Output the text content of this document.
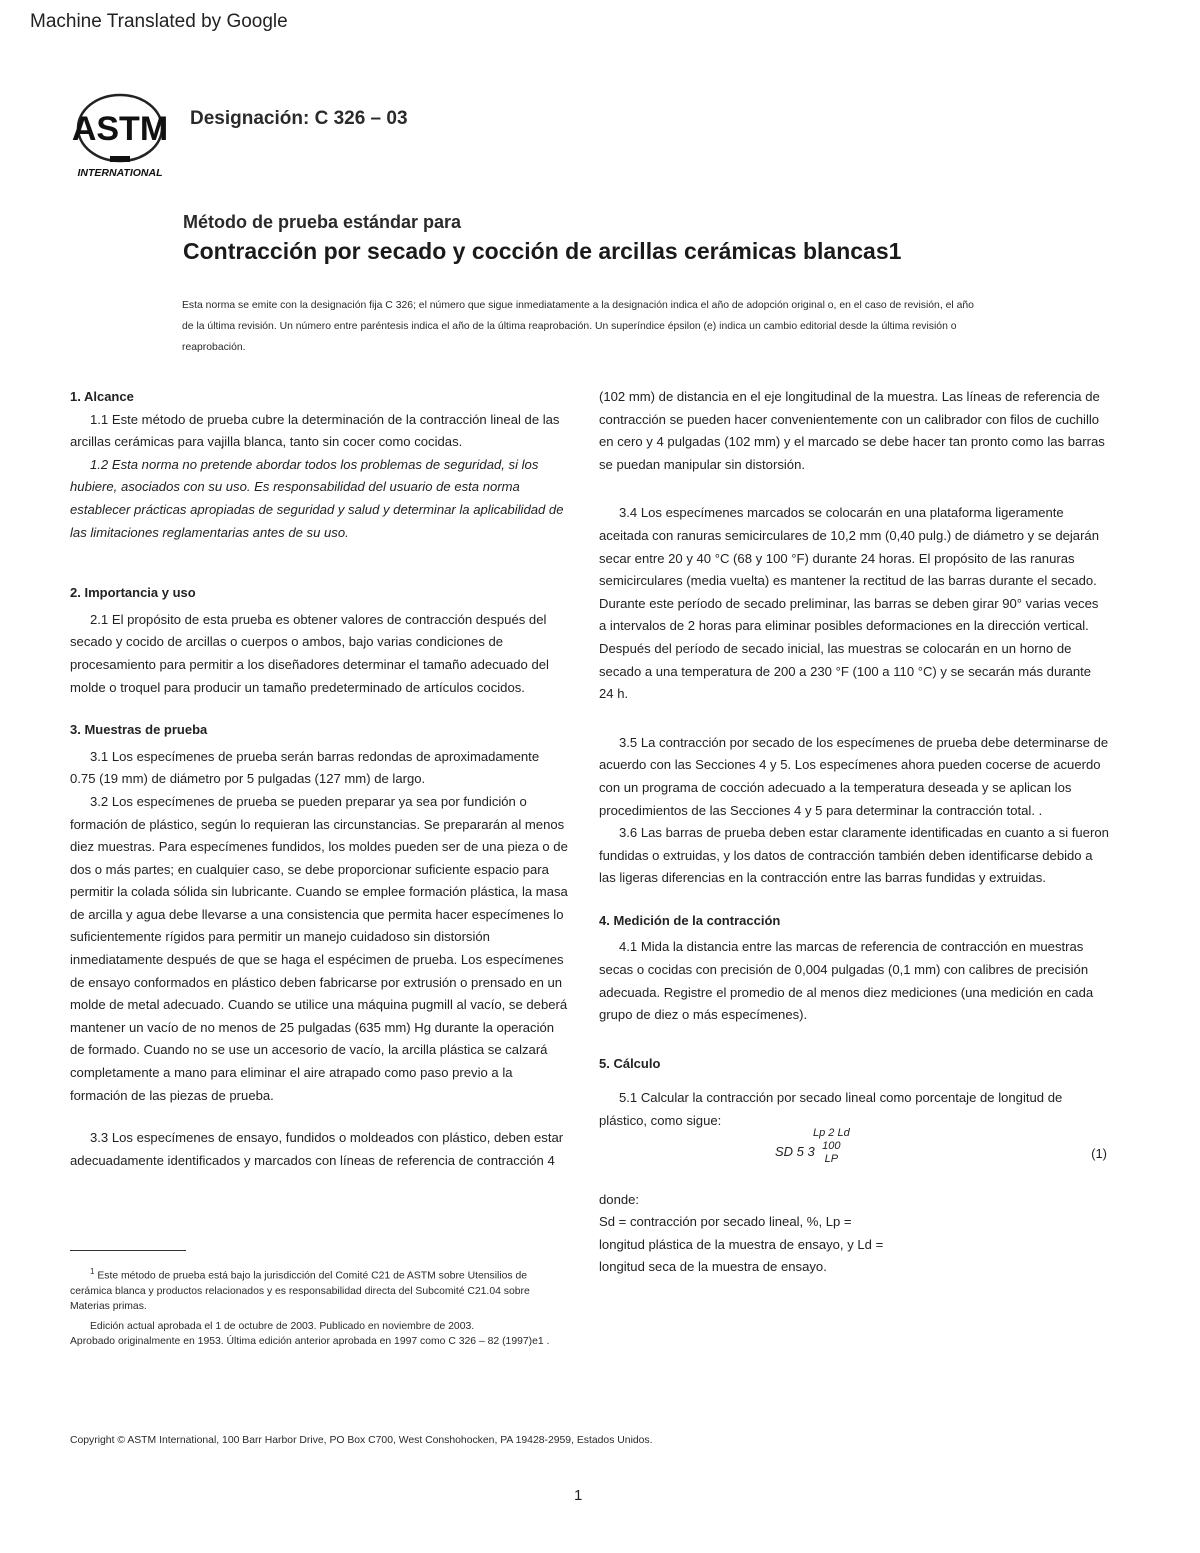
Machine Translated by Google
ASTM
INTERNATIONAL
Designación: C 326 – 03
Método de prueba estándar para
Contracción por secado y cocción de arcillas cerámicas blancas1
Esta norma se emite con la designación fija C 326; el número que sigue inmediatamente a la designación indica el año de adopción original o, en el caso de revisión, el año de la última revisión. Un número entre paréntesis indica el año de la última reaprobación. Un superíndice épsilon (e) indica un cambio editorial desde la última revisión o reaprobación.
1. Alcance

1.1 Este método de prueba cubre la determinación de la contracción lineal de las arcillas cerámicas para vajilla blanca, tanto sin cocer como cocidas.

1.2 Esta norma no pretende abordar todos los problemas de seguridad, si los hubiere, asociados con su uso. Es responsabilidad del usuario de esta norma establecer prácticas apropiadas de seguridad y salud y determinar la aplicabilidad de las limitaciones reglamentarias antes de su uso.

2. Importancia y uso

2.1 El propósito de esta prueba es obtener valores de contracción después del secado y cocido de arcillas o cuerpos o ambos, bajo varias condiciones de procesamiento para permitir a los diseñadores determinar el tamaño adecuado del molde o troquel para producir un tamaño predeterminado de artículos cocidos.

3. Muestras de prueba

3.1 Los especímenes de prueba serán barras redondas de aproximadamente 0.75 (19 mm) de diámetro por 5 pulgadas (127 mm) de largo.

3.2 Los especímenes de prueba se pueden preparar ya sea por fundición o formación de plástico, según lo requieran las circunstancias. Se prepararán al menos diez muestras. Para especímenes fundidos, los moldes pueden ser de una pieza o de dos o más partes; en cualquier caso, se debe proporcionar suficiente espacio para permitir la colada sólida sin lubricante. Cuando se emplee formación plástica, la masa de arcilla y agua debe llevarse a una consistencia que permita hacer especímenes lo suficientemente rígidos para permitir un manejo cuidadoso sin distorsión inmediatamente después de que se haga el espécimen de prueba. Los especímenes de ensayo conformados en plástico deben fabricarse por extrusión o prensado en un molde de metal adecuado. Cuando se utilice una máquina pugmill al vacío, se deberá mantener un vacío de no menos de 25 pulgadas (635 mm) Hg durante la operación de formado. Cuando no se use un accesorio de vacío, la arcilla plástica se calzará completamente a mano para eliminar el aire atrapado como paso previo a la formación de las piezas de prueba.

3.3 Los especímenes de ensayo, fundidos o moldeados con plástico, deben estar adecuadamente identificados y marcados con líneas de referencia de contracción 4

(102 mm) de distancia en el eje longitudinal de la muestra. Las líneas de referencia de contracción se pueden hacer convenientemente con un calibrador con filos de cuchillo en cero y 4 pulgadas (102 mm) y el marcado se debe hacer tan pronto como las barras se puedan manipular sin distorsión.

3.4 Los especímenes marcados se colocarán en una plataforma ligeramente aceitada con ranuras semicirculares de 10,2 mm (0,40 pulg.) de diámetro y se dejarán secar entre 20 y 40 °C (68 y 100 °F) durante 24 horas. El propósito de las ranuras semicirculares (media vuelta) es mantener la rectitud de las barras durante el secado. Durante este período de secado preliminar, las barras se deben girar 90° varias veces a intervalos de 2 horas para eliminar posibles deformaciones en la dirección vertical. Después del período de secado inicial, las muestras se colocarán en un horno de secado a una temperatura de 200 a 230 °F (100 a 110 °C) y se secarán más durante 24 h.

3.5 La contracción por secado de los especímenes de prueba debe determinarse de acuerdo con las Secciones 4 y 5. Los especímenes ahora pueden cocerse de acuerdo con un programa de cocción adecuado a la temperatura deseada y se aplican los procedimientos de las Secciones 4 y 5 para determinar la contracción total. .

3.6 Las barras de prueba deben estar claramente identificadas en cuanto a si fueron fundidas o extruidas, y los datos de contracción también deben identificarse debido a las ligeras diferencias en la contracción entre las barras fundidas y extruidas.

4. Medición de la contracción

4.1 Mida la distancia entre las marcas de referencia de contracción en muestras secas o cocidas con precisión de 0,004 pulgadas (0,1 mm) con calibres de precisión adecuada. Registre el promedio de al menos diez mediciones (una medición en cada grupo de diez o más especímenes).

5. Cálculo

5.1 Calcular la contracción por secado lineal como porcentaje de longitud de plástico, como sigue:

SD 5 3
Lp 2 Ld
100
LP	(1)

donde:

Sd = contracción por secado lineal, %, Lp =

longitud plástica de la muestra de ensayo, y Ld =

longitud seca de la muestra de ensayo.

$^1$ Este método de prueba está bajo la jurisdicción del Comité C21 de ASTM sobre Utensilios de cerámica blanca y productos relacionados y es responsabilidad directa del Subcomité C21.04 sobre Materias primas.

Edición actual aprobada el 1 de octubre de 2003. Publicado en noviembre de 2003.

Aprobado originalmente en 1953. Última edición anterior aprobada en 1997 como C 326 – 82 (1997)e1 .

Copyright © ASTM International, 100 Barr Harbor Drive, PO Box C700, West Conshohocken, PA 19428-2959, Estados Unidos.
1
